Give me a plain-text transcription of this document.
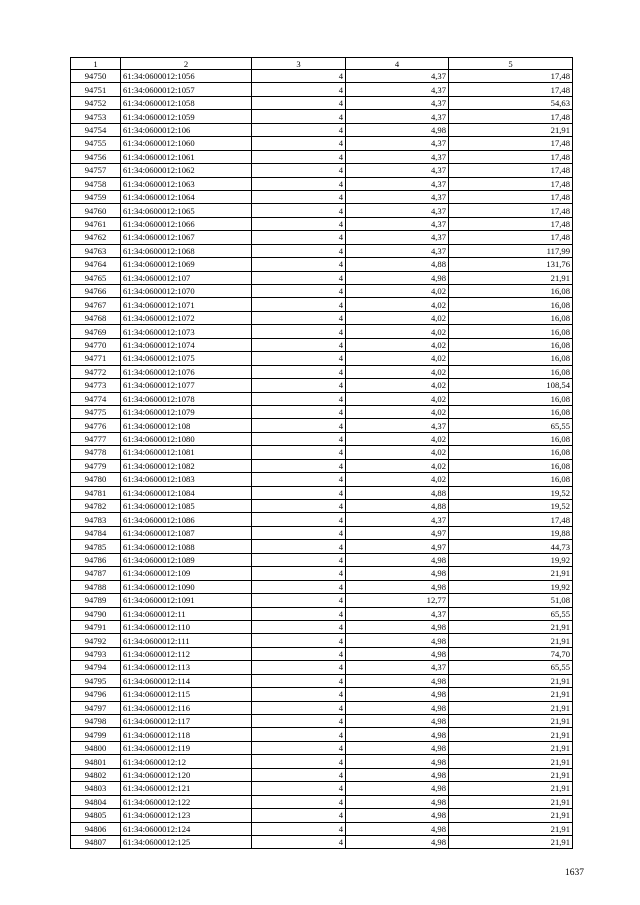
1	2	3	4	5
94750	61:34:0600012:1056	4	4,37	17,48
94751	61:34:0600012:1057	4	4,37	17,48
94752	61:34:0600012:1058	4	4,37	54,63
94753	61:34:0600012:1059	4	4,37	17,48
94754	61:34:0600012:106	4	4,98	21,91
94755	61:34:0600012:1060	4	4,37	17,48
94756	61:34:0600012:1061	4	4,37	17,48
94757	61:34:0600012:1062	4	4,37	17,48
94758	61:34:0600012:1063	4	4,37	17,48
94759	61:34:0600012:1064	4	4,37	17,48
94760	61:34:0600012:1065	4	4,37	17,48
94761	61:34:0600012:1066	4	4,37	17,48
94762	61:34:0600012:1067	4	4,37	17,48
94763	61:34:0600012:1068	4	4,37	117,99
94764	61:34:0600012:1069	4	4,88	131,76
94765	61:34:0600012:107	4	4,98	21,91
94766	61:34:0600012:1070	4	4,02	16,08
94767	61:34:0600012:1071	4	4,02	16,08
94768	61:34:0600012:1072	4	4,02	16,08
94769	61:34:0600012:1073	4	4,02	16,08
94770	61:34:0600012:1074	4	4,02	16,08
94771	61:34:0600012:1075	4	4,02	16,08
94772	61:34:0600012:1076	4	4,02	16,08
94773	61:34:0600012:1077	4	4,02	108,54
94774	61:34:0600012:1078	4	4,02	16,08
94775	61:34:0600012:1079	4	4,02	16,08
94776	61:34:0600012:108	4	4,37	65,55
94777	61:34:0600012:1080	4	4,02	16,08
94778	61:34:0600012:1081	4	4,02	16,08
94779	61:34:0600012:1082	4	4,02	16,08
94780	61:34:0600012:1083	4	4,02	16,08
94781	61:34:0600012:1084	4	4,88	19,52
94782	61:34:0600012:1085	4	4,88	19,52
94783	61:34:0600012:1086	4	4,37	17,48
94784	61:34:0600012:1087	4	4,97	19,88
94785	61:34:0600012:1088	4	4,97	44,73
94786	61:34:0600012:1089	4	4,98	19,92
94787	61:34:0600012:109	4	4,98	21,91
94788	61:34:0600012:1090	4	4,98	19,92
94789	61:34:0600012:1091	4	12,77	51,08
94790	61:34:0600012:11	4	4,37	65,55
94791	61:34:0600012:110	4	4,98	21,91
94792	61:34:0600012:111	4	4,98	21,91
94793	61:34:0600012:112	4	4,98	74,70
94794	61:34:0600012:113	4	4,37	65,55
94795	61:34:0600012:114	4	4,98	21,91
94796	61:34:0600012:115	4	4,98	21,91
94797	61:34:0600012:116	4	4,98	21,91
94798	61:34:0600012:117	4	4,98	21,91
94799	61:34:0600012:118	4	4,98	21,91
94800	61:34:0600012:119	4	4,98	21,91
94801	61:34:0600012:12	4	4,98	21,91
94802	61:34:0600012:120	4	4,98	21,91
94803	61:34:0600012:121	4	4,98	21,91
94804	61:34:0600012:122	4	4,98	21,91
94805	61:34:0600012:123	4	4,98	21,91
94806	61:34:0600012:124	4	4,98	21,91
94807	61:34:0600012:125	4	4,98	21,91
1637
